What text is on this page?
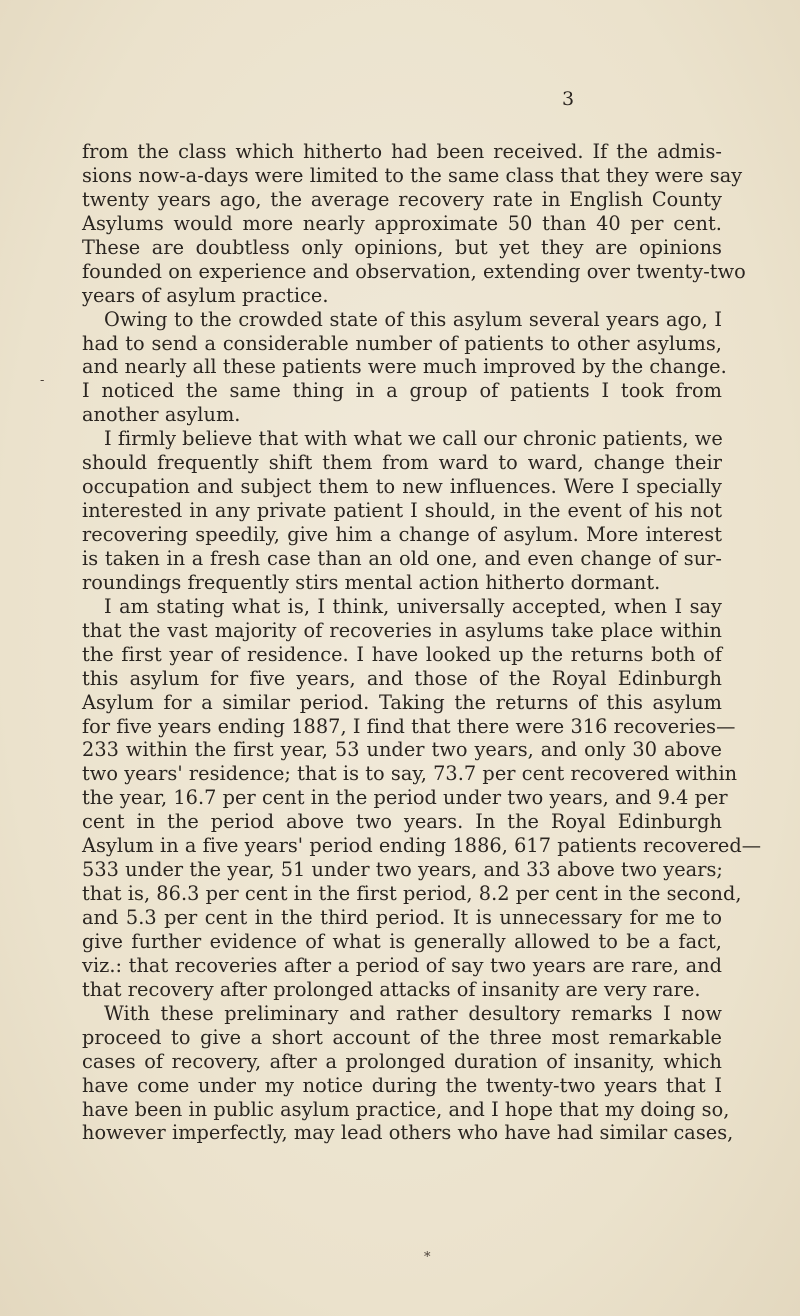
3
-
from the class which hitherto had been received. If the admis-
sions now-a-days were limited to the same class that they were say
twenty years ago, the average recovery rate in English County
Asylums would more nearly approximate 50 than 40 per cent.
These are doubtless only opinions, but yet they are opinions
founded on experience and observation, extending over twenty-two
years of asylum practice.
Owing to the crowded state of this asylum several years ago, I
had to send a considerable number of patients to other asylums,
and nearly all these patients were much improved by the change.
I noticed the same thing in a group of patients I took from
another asylum.
I firmly believe that with what we call our chronic patients, we
should frequently shift them from ward to ward, change their
occupation and subject them to new influences. Were I specially
interested in any private patient I should, in the event of his not
recovering speedily, give him a change of asylum. More interest
is taken in a fresh case than an old one, and even change of sur-
roundings frequently stirs mental action hitherto dormant.
I am stating what is, I think, universally accepted, when I say
that the vast majority of recoveries in asylums take place within
the first year of residence. I have looked up the returns both of
this asylum for five years, and those of the Royal Edinburgh
Asylum for a similar period. Taking the returns of this asylum
for five years ending 1887, I find that there were 316 recoveries—
233 within the first year, 53 under two years, and only 30 above
two years' residence; that is to say, 73.7 per cent recovered within
the year, 16.7 per cent in the period under two years, and 9.4 per
cent in the period above two years. In the Royal Edinburgh
Asylum in a five years' period ending 1886, 617 patients recovered—
533 under the year, 51 under two years, and 33 above two years;
that is, 86.3 per cent in the first period, 8.2 per cent in the second,
and 5.3 per cent in the third period. It is unnecessary for me to
give further evidence of what is generally allowed to be a fact,
viz.: that recoveries after a period of say two years are rare, and
that recovery after prolonged attacks of insanity are very rare.
With these preliminary and rather desultory remarks I now
proceed to give a short account of the three most remarkable
cases of recovery, after a prolonged duration of insanity, which
have come under my notice during the twenty-two years that I
have been in public asylum practice, and I hope that my doing so,
however imperfectly, may lead others who have had similar cases,
*
